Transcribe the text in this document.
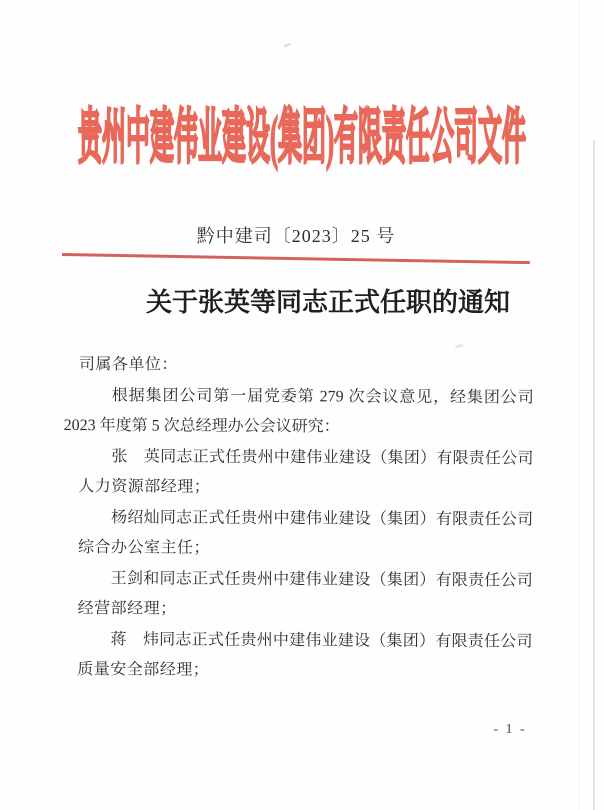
贵州中建伟业建设(集团)有限责任公司文件
黔中建司〔2023〕25 号
关于张英等同志正式任职的通知
司属各单位：
根据集团公司第一届党委第 279 次会议意见，经集团公司
2023 年度第 5 次总经理办公会议研究：
张　英同志正式任贵州中建伟业建设（集团）有限责任公司
人力资源部经理；
杨绍灿同志正式任贵州中建伟业建设（集团）有限责任公司
综合办公室主任；
王剑和同志正式任贵州中建伟业建设（集团）有限责任公司
经营部经理；
蒋　炜同志正式任贵州中建伟业建设（集团）有限责任公司
质量安全部经理；
- 1 -
